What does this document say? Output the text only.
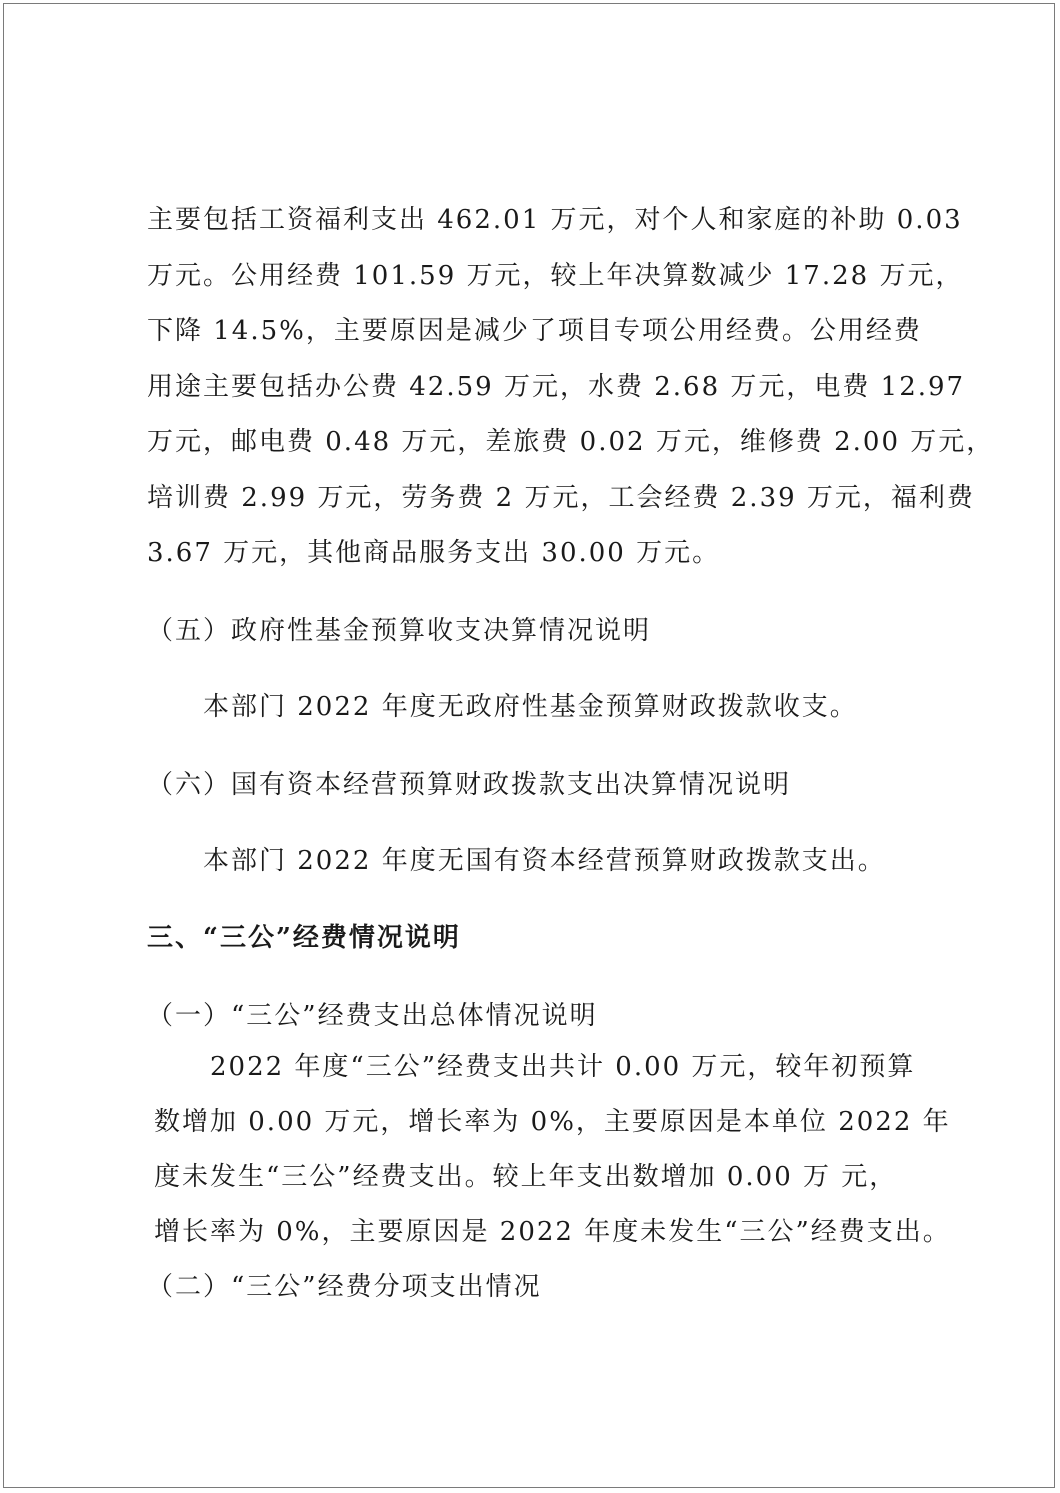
主要包括工资福利支出 462.01 万元，对个人和家庭的补助 0.03
万元。公用经费 101.59 万元，较上年决算数减少 17.28 万元，
下降 14.5%，主要原因是减少了项目专项公用经费。公用经费
用途主要包括办公费 42.59 万元，水费 2.68 万元，电费 12.97
万元，邮电费 0.48 万元，差旅费 0.02 万元，维修费 2.00 万元，
培训费 2.99 万元，劳务费 2 万元，工会经费 2.39 万元，福利费
3.67 万元，其他商品服务支出 30.00 万元。
（五）政府性基金预算收支决算情况说明
本部门 2022 年度无政府性基金预算财政拨款收支。
（六）国有资本经营预算财政拨款支出决算情况说明
本部门 2022 年度无国有资本经营预算财政拨款支出。
三、“三公”经费情况说明
（一）“三公”经费支出总体情况说明
2022 年度“三公”经费支出共计 0.00 万元，较年初预算
数增加 0.00 万元，增长率为 0%，主要原因是本单位 2022 年
度未发生“三公”经费支出。较上年支出数增加 0.00 万 元，
增长率为 0%，主要原因是 2022 年度未发生“三公”经费支出。
（二）“三公”经费分项支出情况
